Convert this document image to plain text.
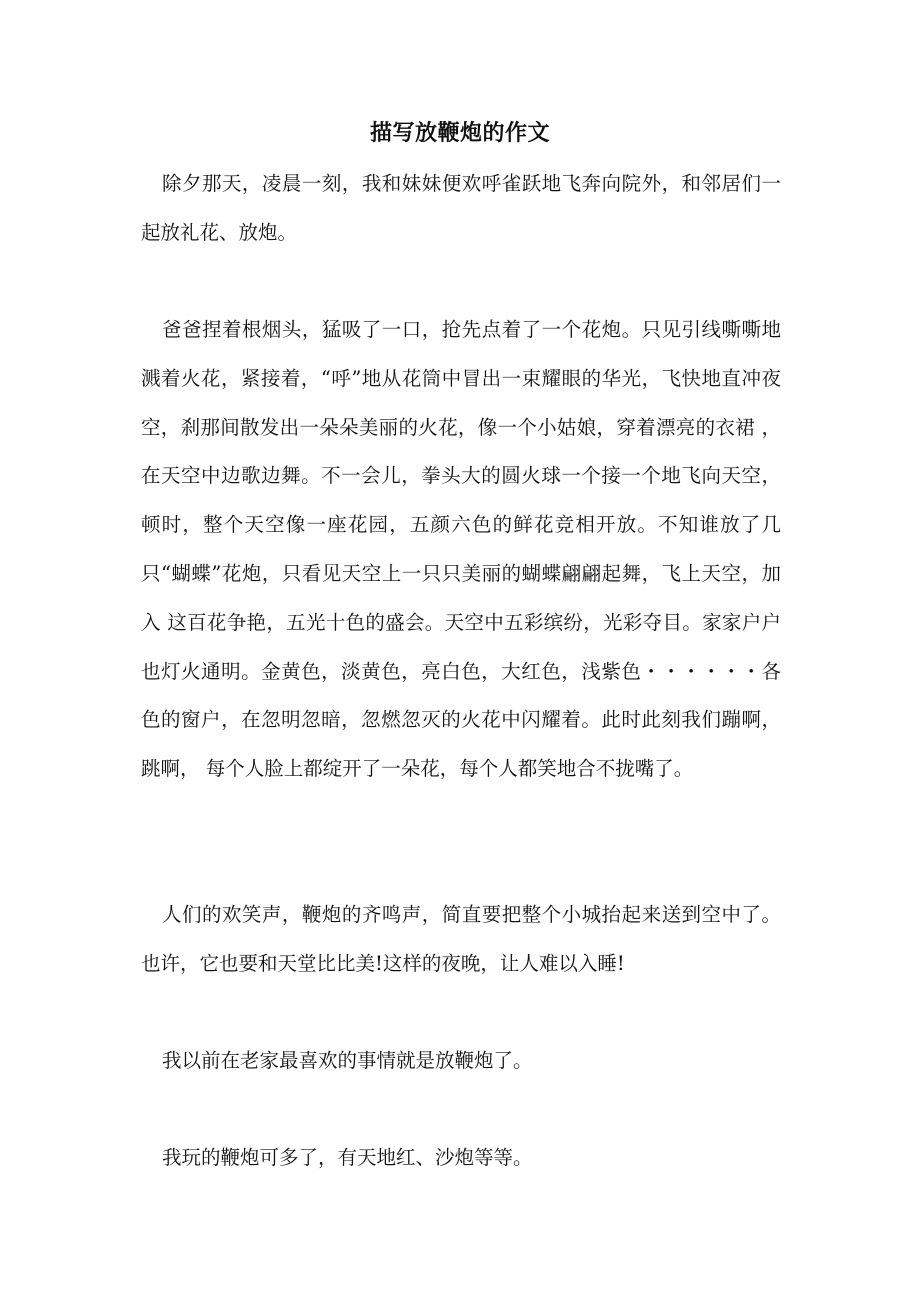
描写放鞭炮的作文

除夕那天，凌晨一刻，我和妹妹便欢呼雀跃地飞奔向院外，和邻居们一起放礼花、放炮。

爸爸捏着根烟头，猛吸了一口，抢先点着了一个花炮。只见引线嘶嘶地溅着火花，紧接着，“呼”地从花筒中冒出一束耀眼的华光，飞快地直冲夜空，刹那间散发出一朵朵美丽的火花，像一个小姑娘，穿着漂亮的衣裙 ，在天空中边歌边舞。不一会儿，拳头大的圆火球一个接一个地飞向天空，顿时，整个天空像一座花园，五颜六色的鲜花竞相开放。不知谁放了几只“蝴蝶”花炮，只看见天空上一只只美丽的蝴蝶翩翩起舞，飞上天空，加入 这百花争艳，五光十色的盛会。天空中五彩缤纷，光彩夺目。家家户户也灯火通明。金黄色，淡黄色，亮白色，大红色，浅紫色・・・・・・各色的窗户，在忽明忽暗，忽燃忽灭的火花中闪耀着。此时此刻我们蹦啊，跳啊， 每个人脸上都绽开了一朵花，每个人都笑地合不拢嘴了。

人们的欢笑声，鞭炮的齐鸣声，简直要把整个小城抬起来送到空中了。也许，它也要和天堂比比美!这样的夜晚，让人难以入睡!

我以前在老家最喜欢的事情就是放鞭炮了。

我玩的鞭炮可多了，有天地红、沙炮等等。
